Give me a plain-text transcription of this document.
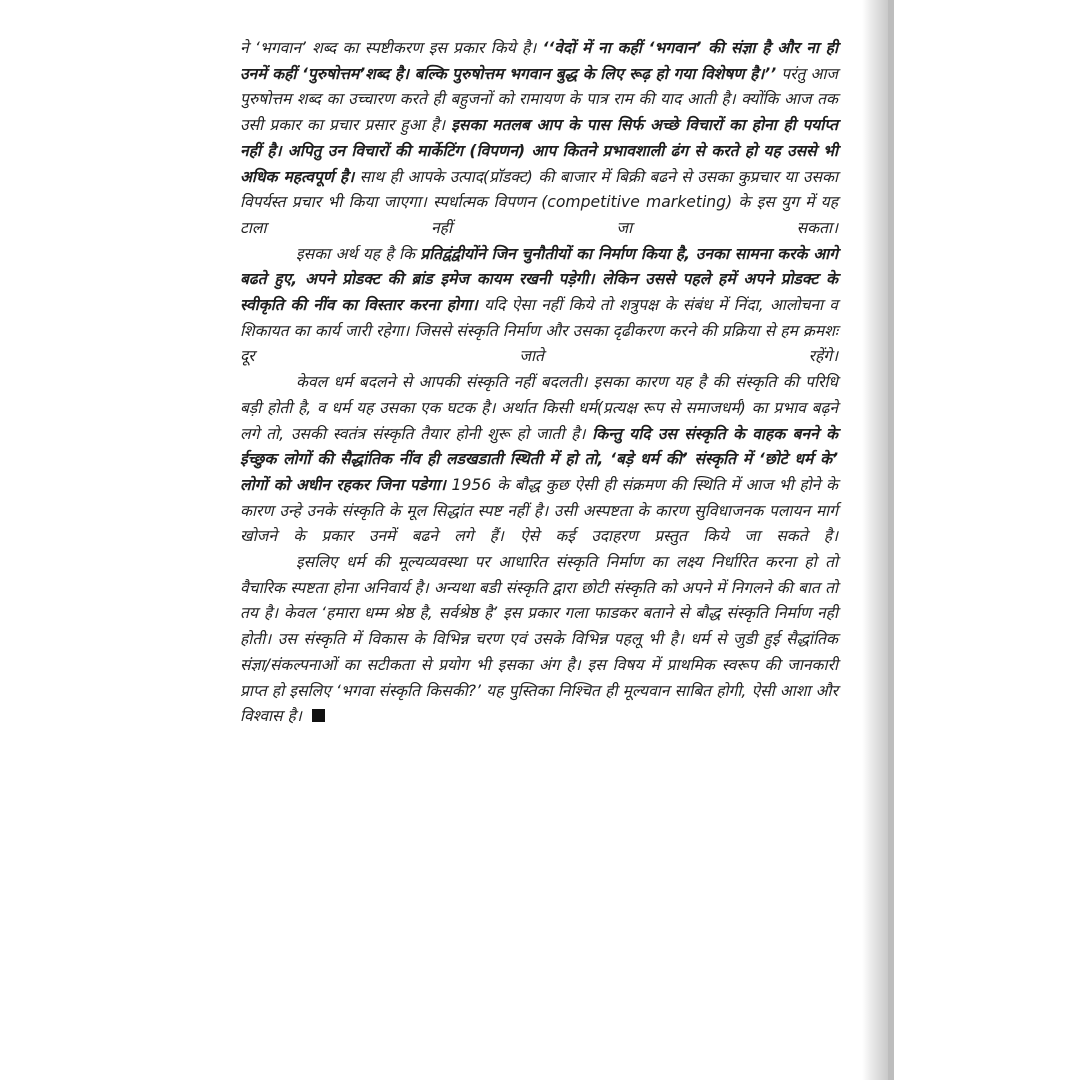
ने ‘भगवान’ शब्द का स्पष्टीकरण इस प्रकार किये है। ‘‘वेदों में ना कहीं ‘भगवान’ की संज्ञा है और ना ही उनमें कहीं ‘पुरुषोत्तम’शब्द है। बल्कि पुरुषोत्तम भगवान बुद्ध के लिए रूढ़ हो गया विशेषण है।’’ परंतु आज पुरुषोत्तम शब्द का उच्चारण करते ही बहुजनों को रामायण के पात्र राम की याद आती है। क्योंकि आज तक उसी प्रकार का प्रचार प्रसार हुआ है। इसका मतलब आप के पास सिर्फ अच्छे विचारों का होना ही पर्याप्त नहीं है। अपितु उन विचारों की मार्केटिंग (विपणन) आप कितने प्रभावशाली ढंग से करते हो यह उससे भी अधिक महत्वपूर्ण है। साथ ही आपके उत्पाद(प्रॉडक्ट) की बाजार में बिक्री बढने से उसका कुप्रचार या उसका विपर्यस्त प्रचार भी किया जाएगा। स्पर्धात्मक विपणन (competitive marketing) के इस युग में यह टाला नहीं जा सकता।

इसका अर्थ यह है कि प्रतिद्वंद्वीयोंने जिन चुनौतीयों का निर्माण किया है, उनका सामना करके आगे बढते हुए, अपने प्रोडक्ट की ब्रांड इमेज कायम रखनी पड़ेगी। लेकिन उससे पहले हमें अपने प्रोडक्ट के स्वीकृति की नींव का विस्तार करना होगा। यदि ऐसा नहीं किये तो शत्रुपक्ष के संबंध में निंदा, आलोचना व शिकायत का कार्य जारी रहेगा। जिससे संस्कृति निर्माण और उसका दृढीकरण करने की प्रक्रिया से हम क्रमशः दूर जाते रहेंगे।

केवल धर्म बदलने से आपकी संस्कृति नहीं बदलती। इसका कारण यह है की संस्कृति की परिधि बड़ी होती है, व धर्म यह उसका एक घटक है। अर्थात किसी धर्म(प्रत्यक्ष रूप से समाजधर्म) का प्रभाव बढ़ने लगे तो, उसकी स्वतंत्र संस्कृति तैयार होनी शुरू हो जाती है। किन्तु यदि उस संस्कृति के वाहक बनने के ईच्छुक लोगों की सैद्धांतिक नींव ही लडखडाती स्थिती में हो तो, ‘बड़े धर्म की’ संस्कृति में ‘छोटे धर्म के’ लोगों को अधीन रहकर जिना पडेगा। 1956 के बौद्ध कुछ ऐसी ही संक्रमण की स्थिति में आज भी होने के कारण उन्हे उनके संस्कृति के मूल सिद्धांत स्पष्ट नहीं है। उसी अस्पष्टता के कारण सुविधाजनक पलायन मार्ग खोजने के प्रकार उनमें बढने लगे हैं। ऐसे कई उदाहरण प्रस्तुत किये जा सकते है।

इसलिए धर्म की मूल्यव्यवस्था पर आधारित संस्कृति निर्माण का लक्ष्य निर्धारित करना हो तो वैचारिक स्पष्टता होना अनिवार्य है। अन्यथा बडी संस्कृति द्वारा छोटी संस्कृति को अपने में निगलने की बात तो तय है। केवल ‘हमारा धम्म श्रेष्ठ है, सर्वश्रेष्ठ है’ इस प्रकार गला फाडकर बताने से बौद्ध संस्कृति निर्माण नही होती। उस संस्कृति में विकास के विभिन्न चरण एवं उसके विभिन्न पहलू भी है। धर्म से जुडी हुई सैद्धांतिक संज्ञा/संकल्पनाओं का सटीकता से प्रयोग भी इसका अंग है। इस विषय में प्राथमिक स्वरूप की जानकारी प्राप्त हो इसलिए ‘भगवा संस्कृति किसकी?’ यह पुस्तिका निश्चित ही मूल्यवान साबित होगी, ऐसी आशा और विश्वास है।
